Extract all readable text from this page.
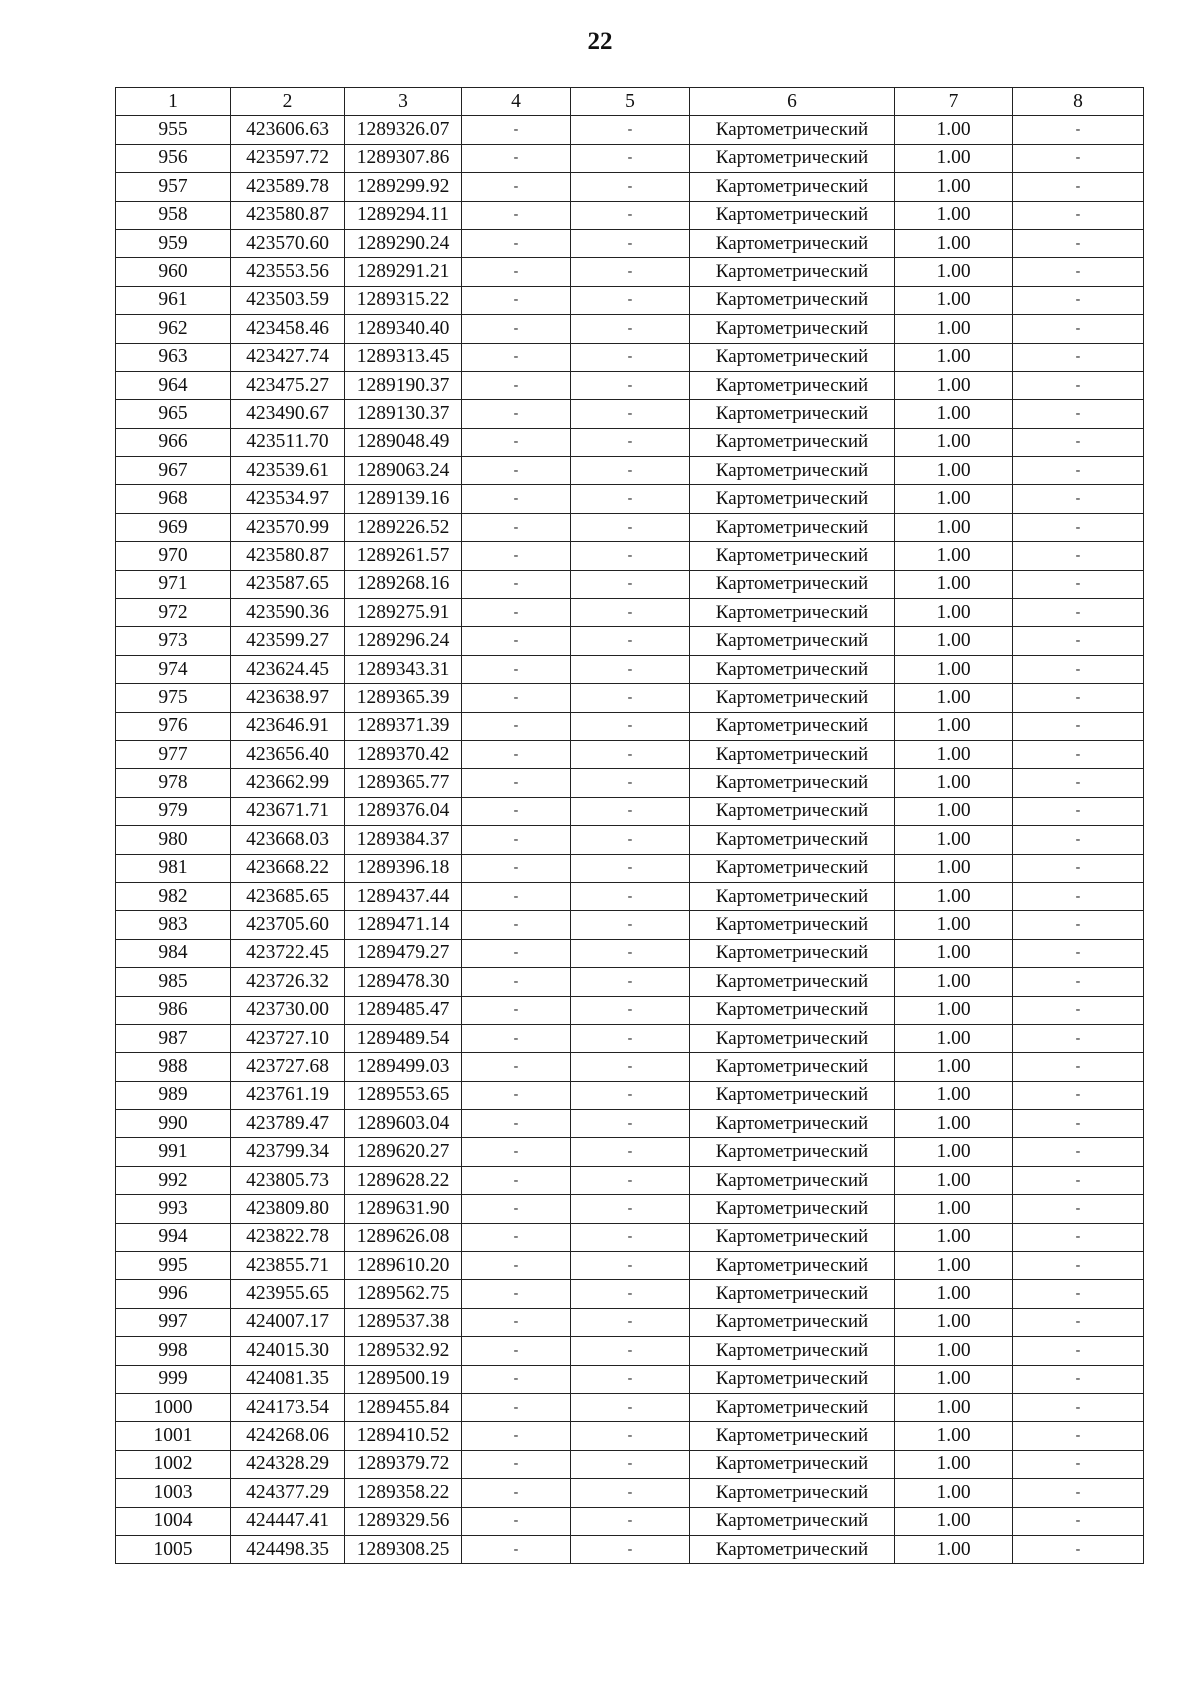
22
1	2	3	4	5	6	7	8
955	423606.63	1289326.07	-	-	Картометрический	1.00	-
956	423597.72	1289307.86	-	-	Картометрический	1.00	-
957	423589.78	1289299.92	-	-	Картометрический	1.00	-
958	423580.87	1289294.11	-	-	Картометрический	1.00	-
959	423570.60	1289290.24	-	-	Картометрический	1.00	-
960	423553.56	1289291.21	-	-	Картометрический	1.00	-
961	423503.59	1289315.22	-	-	Картометрический	1.00	-
962	423458.46	1289340.40	-	-	Картометрический	1.00	-
963	423427.74	1289313.45	-	-	Картометрический	1.00	-
964	423475.27	1289190.37	-	-	Картометрический	1.00	-
965	423490.67	1289130.37	-	-	Картометрический	1.00	-
966	423511.70	1289048.49	-	-	Картометрический	1.00	-
967	423539.61	1289063.24	-	-	Картометрический	1.00	-
968	423534.97	1289139.16	-	-	Картометрический	1.00	-
969	423570.99	1289226.52	-	-	Картометрический	1.00	-
970	423580.87	1289261.57	-	-	Картометрический	1.00	-
971	423587.65	1289268.16	-	-	Картометрический	1.00	-
972	423590.36	1289275.91	-	-	Картометрический	1.00	-
973	423599.27	1289296.24	-	-	Картометрический	1.00	-
974	423624.45	1289343.31	-	-	Картометрический	1.00	-
975	423638.97	1289365.39	-	-	Картометрический	1.00	-
976	423646.91	1289371.39	-	-	Картометрический	1.00	-
977	423656.40	1289370.42	-	-	Картометрический	1.00	-
978	423662.99	1289365.77	-	-	Картометрический	1.00	-
979	423671.71	1289376.04	-	-	Картометрический	1.00	-
980	423668.03	1289384.37	-	-	Картометрический	1.00	-
981	423668.22	1289396.18	-	-	Картометрический	1.00	-
982	423685.65	1289437.44	-	-	Картометрический	1.00	-
983	423705.60	1289471.14	-	-	Картометрический	1.00	-
984	423722.45	1289479.27	-	-	Картометрический	1.00	-
985	423726.32	1289478.30	-	-	Картометрический	1.00	-
986	423730.00	1289485.47	-	-	Картометрический	1.00	-
987	423727.10	1289489.54	-	-	Картометрический	1.00	-
988	423727.68	1289499.03	-	-	Картометрический	1.00	-
989	423761.19	1289553.65	-	-	Картометрический	1.00	-
990	423789.47	1289603.04	-	-	Картометрический	1.00	-
991	423799.34	1289620.27	-	-	Картометрический	1.00	-
992	423805.73	1289628.22	-	-	Картометрический	1.00	-
993	423809.80	1289631.90	-	-	Картометрический	1.00	-
994	423822.78	1289626.08	-	-	Картометрический	1.00	-
995	423855.71	1289610.20	-	-	Картометрический	1.00	-
996	423955.65	1289562.75	-	-	Картометрический	1.00	-
997	424007.17	1289537.38	-	-	Картометрический	1.00	-
998	424015.30	1289532.92	-	-	Картометрический	1.00	-
999	424081.35	1289500.19	-	-	Картометрический	1.00	-
1000	424173.54	1289455.84	-	-	Картометрический	1.00	-
1001	424268.06	1289410.52	-	-	Картометрический	1.00	-
1002	424328.29	1289379.72	-	-	Картометрический	1.00	-
1003	424377.29	1289358.22	-	-	Картометрический	1.00	-
1004	424447.41	1289329.56	-	-	Картометрический	1.00	-
1005	424498.35	1289308.25	-	-	Картометрический	1.00	-
